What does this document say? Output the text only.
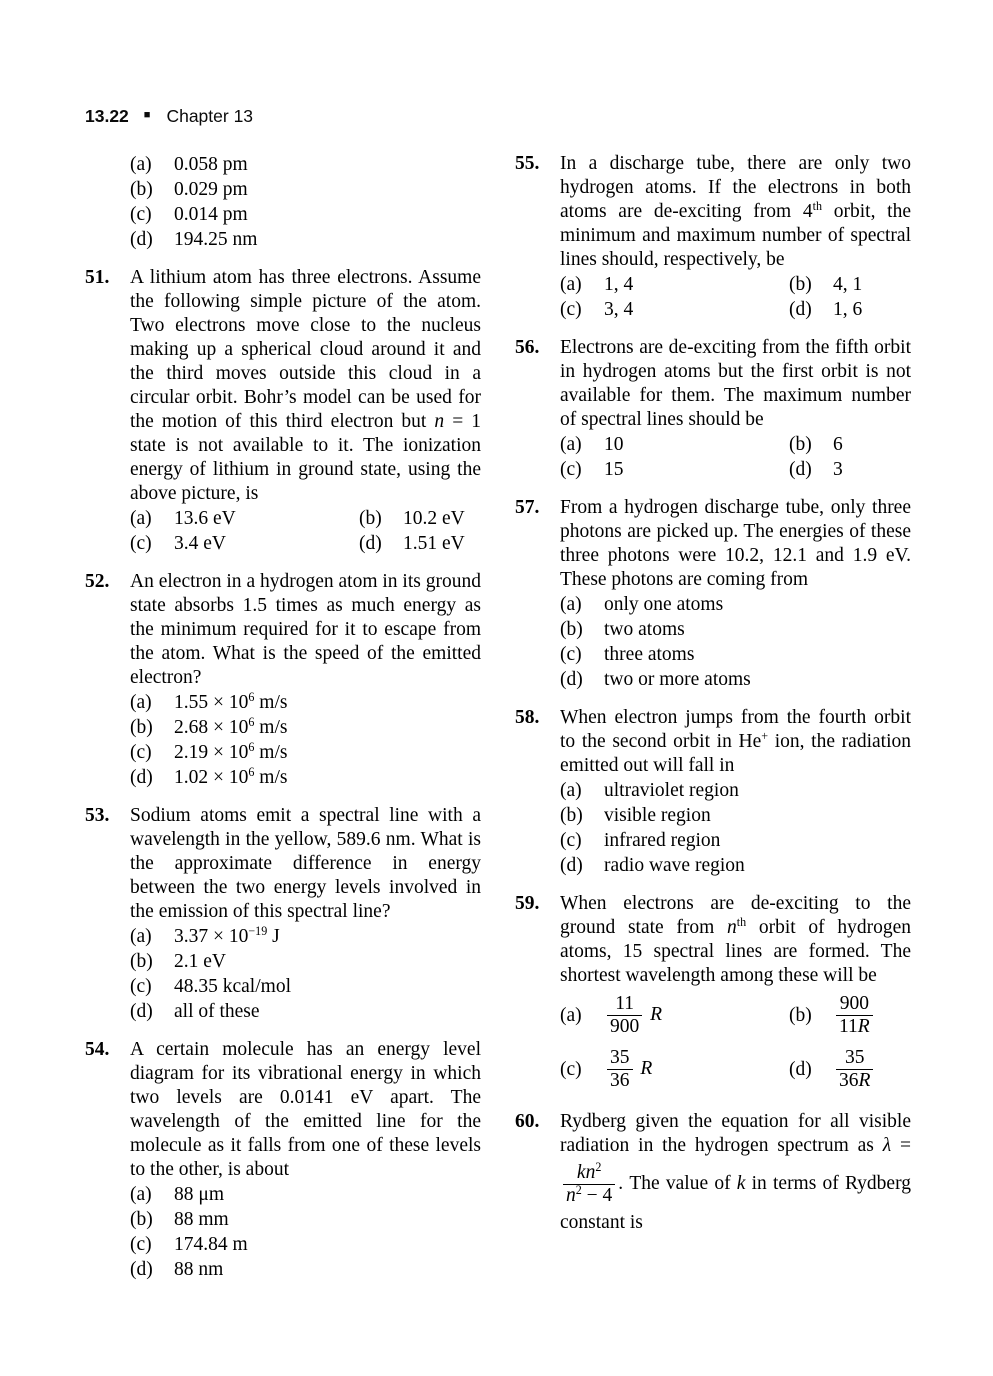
13.22 ■ Chapter 13
(a)	0.058 pm
(b)	0.029 pm
(c)	0.014 pm
(d)	194.25 nm
51.	A lithium atom has three electrons. Assume the following simple picture of the atom. Two electrons move close to the nucleus making up a spherical cloud around it and the third moves outside this cloud in a circular orbit. Bohr’s model can be used for the motion of this third electron but n = 1 state is not available to it. The ionization energy of lithium in ground state, using the above picture, is

(a)	13.6 eV	(b)	10.2 eV
(c)	3.4 eV	(d)	1.51 eV
52.	An electron in a hydrogen atom in its ground state absorbs 1.5 times as much energy as the minimum required for it to escape from the atom. What is the speed of the emitted electron?

(a)	$1.55 \times 10^6$ m/s
(b)	$2.68 \times 10^6$ m/s
(c)	$2.19 \times 10^6$ m/s
(d)	$1.02 \times 10^6$ m/s
53.	Sodium atoms emit a spectral line with a wavelength in the yellow, 589.6 nm. What is the approximate difference in energy between the two energy levels involved in the emission of this spectral line?

(a)	$3.37 \times 10^{-19}$ J
(b)	2.1 eV
(c)	48.35 kcal/mol
(d)	all of these
54.	A certain molecule has an energy level diagram for its vibrational energy in which two levels are 0.0141 eV apart. The wavelength of the emitted line for the molecule as it falls from one of these levels to the other, is about

(a)	88 μm
(b)	88 mm
(c)	174.84 m
(d)	88 nm
55.	In a discharge tube, there are only two hydrogen atoms. If the electrons in both atoms are de-exciting from 4th orbit, the minimum and maximum number of spectral lines should, respectively, be

(a)	1, 4	(b)	4, 1
(c)	3, 4	(d)	1, 6
56.	Electrons are de-exciting from the fifth orbit in hydrogen atoms but the first orbit is not available for them. The maximum number of spectral lines should be

(a)	10	(b)	6
(c)	15	(d)	3
57.	From a hydrogen discharge tube, only three photons are picked up. The energies of these three photons were 10.2, 12.1 and 1.9 eV. These photons are coming from

(a)	only one atoms
(b)	two atoms
(c)	three atoms
(d)	two or more atoms
58.	When electron jumps from the fourth orbit to the second orbit in He+ ion, the radiation emitted out will fall in

(a)	ultraviolet region
(b)	visible region
(c)	infrared region
(d)	radio wave region
59.	When electrons are de-exciting to the ground state from $n^{th}$ orbit of hydrogen atoms, 15 spectral lines are formed. The shortest wavelength among these will be

(a)	$\frac{11}{900}$ R	(b)	$\frac{900}{11R}$
(c)	$\frac{35}{36}$ R	(d)	$\frac{35}{36R}$
60.	Rydberg given the equation for all visible radiation in the hydrogen spectrum as λ =
$\frac{kn^2}{n^2 - 4}$ . The value of k in terms of Rydberg constant is
